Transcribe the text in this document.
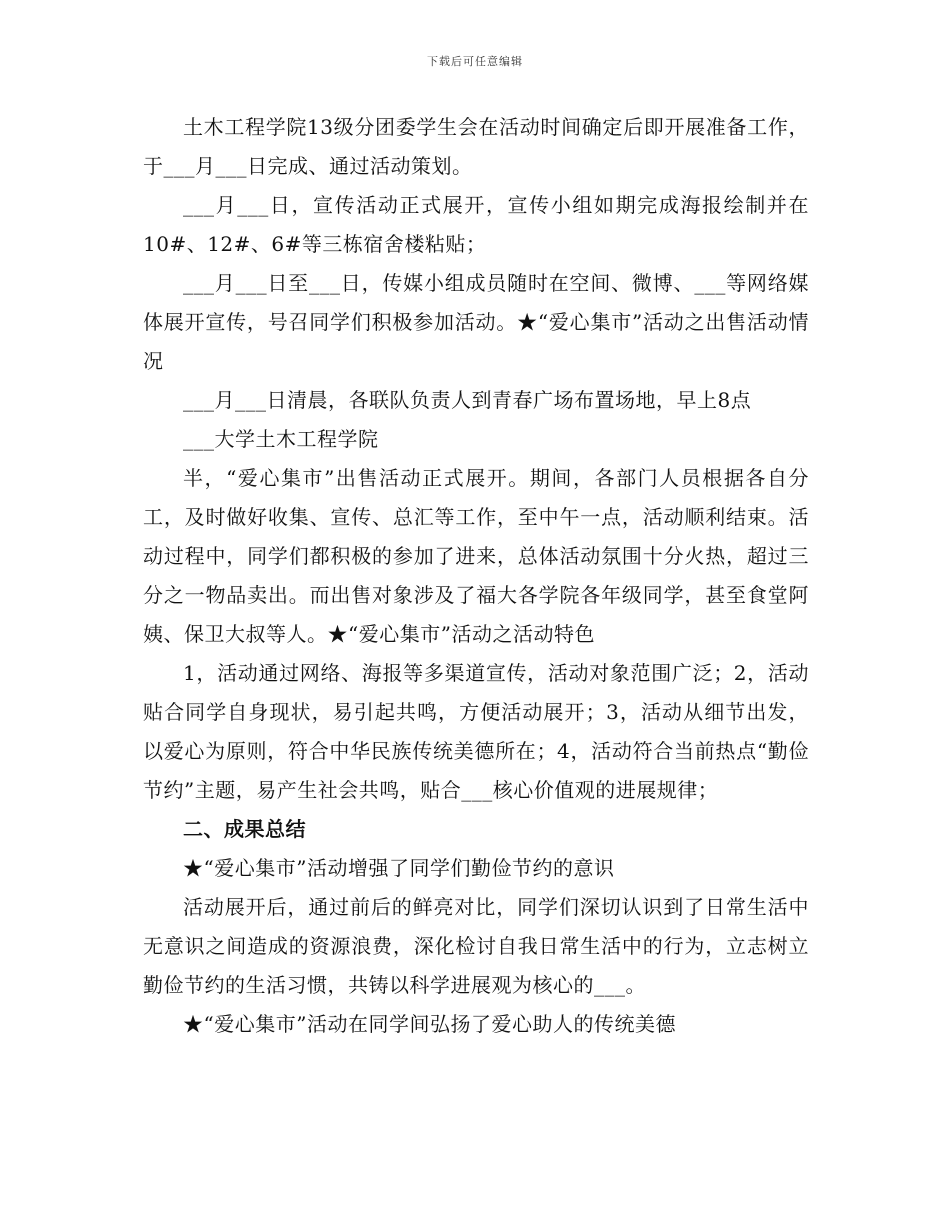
下载后可任意编辑

土木工程学院13级分团委学生会在活动时间确定后即开展准备工作，于___月___日完成、通过活动策划。

___月___日，宣传活动正式展开，宣传小组如期完成海报绘制并在10#、12#、6#等三栋宿舍楼粘贴；

___月___日至___日，传媒小组成员随时在空间、微博、___等网络媒体展开宣传，号召同学们积极参加活动。★“爱心集市”活动之出售活动情况

___月___日清晨，各联队负责人到青春广场布置场地，早上8点

___大学土木工程学院

半，“爱心集市”出售活动正式展开。期间，各部门人员根据各自分工，及时做好收集、宣传、总汇等工作，至中午一点，活动顺利结束。活动过程中，同学们都积极的参加了进来，总体活动氛围十分火热，超过三分之一物品卖出。而出售对象涉及了福大各学院各年级同学，甚至食堂阿姨、保卫大叔等人。★“爱心集市”活动之活动特色

1，活动通过网络、海报等多渠道宣传，活动对象范围广泛；2，活动贴合同学自身现状，易引起共鸣，方便活动展开；3，活动从细节出发，以爱心为原则，符合中华民族传统美德所在；4，活动符合当前热点“勤俭节约”主题，易产生社会共鸣，贴合___核心价值观的进展规律；

二、成果总结

★“爱心集市”活动增强了同学们勤俭节约的意识

活动展开后，通过前后的鲜亮对比，同学们深切认识到了日常生活中无意识之间造成的资源浪费，深化检讨自我日常生活中的行为，立志树立勤俭节约的生活习惯，共铸以科学进展观为核心的___。

★“爱心集市”活动在同学间弘扬了爱心助人的传统美德
